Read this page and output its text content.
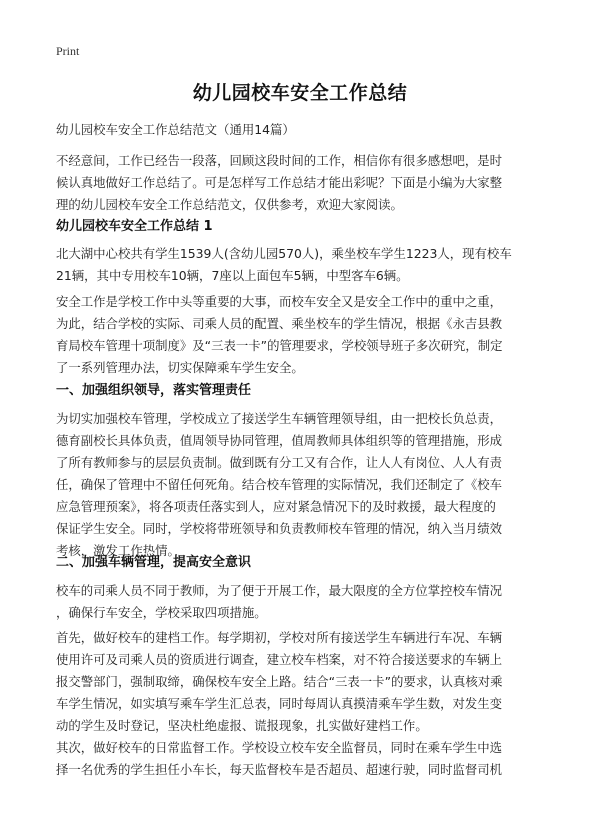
Print
幼儿园校车安全工作总结
幼儿园校车安全工作总结范文（通用14篇）
不经意间，工作已经告一段落，回顾这段时间的工作，相信你有很多感想吧，是时
候认真地做好工作总结了。可是怎样写工作总结才能出彩呢？下面是小编为大家整
理的幼儿园校车安全工作总结范文，仅供参考，欢迎大家阅读。
幼儿园校车安全工作总结 1
北大湖中心校共有学生1539人(含幼儿园570人)，乘坐校车学生1223人，现有校车
21辆，其中专用校车10辆，7座以上面包车5辆，中型客车6辆。
安全工作是学校工作中头等重要的大事，而校车安全又是安全工作中的重中之重，
为此，结合学校的实际、司乘人员的配置、乘坐校车的学生情况，根据《永吉县教
育局校车管理十项制度》及“三表一卡”的管理要求，学校领导班子多次研究，制定
了一系列管理办法，切实保障乘车学生安全。
一、加强组织领导，落实管理责任
为切实加强校车管理，学校成立了接送学生车辆管理领导组，由一把校长负总责，
德育副校长具体负责，值周领导协同管理，值周教师具体组织等的管理措施，形成
了所有教师参与的层层负责制。做到既有分工又有合作，让人人有岗位、人人有责
任，确保了管理中不留任何死角。结合校车管理的实际情况，我们还制定了《校车
应急管理预案》，将各项责任落实到人，应对紧急情况下的及时救援，最大程度的
保证学生安全。同时，学校将带班领导和负责教师校车管理的情况，纳入当月绩效
考核，激发工作热情。
二、加强车辆管理，提高安全意识
校车的司乘人员不同于教师，为了便于开展工作，最大限度的全方位掌控校车情况
，确保行车安全，学校采取四项措施。
首先，做好校车的建档工作。每学期初，学校对所有接送学生车辆进行车况、车辆
使用许可及司乘人员的资质进行调查，建立校车档案，对不符合接送要求的车辆上
报交警部门，强制取缔，确保校车安全上路。结合“三表一卡”的要求，认真核对乘
车学生情况，如实填写乘车学生汇总表，同时每周认真摸清乘车学生数，对发生变
动的学生及时登记，坚决杜绝虚报、谎报现象，扎实做好建档工作。
其次，做好校车的日常监督工作。学校设立校车安全监督员，同时在乘车学生中选
择一名优秀的学生担任小车长，每天监督校车是否超员、超速行驶，同时监督司机
